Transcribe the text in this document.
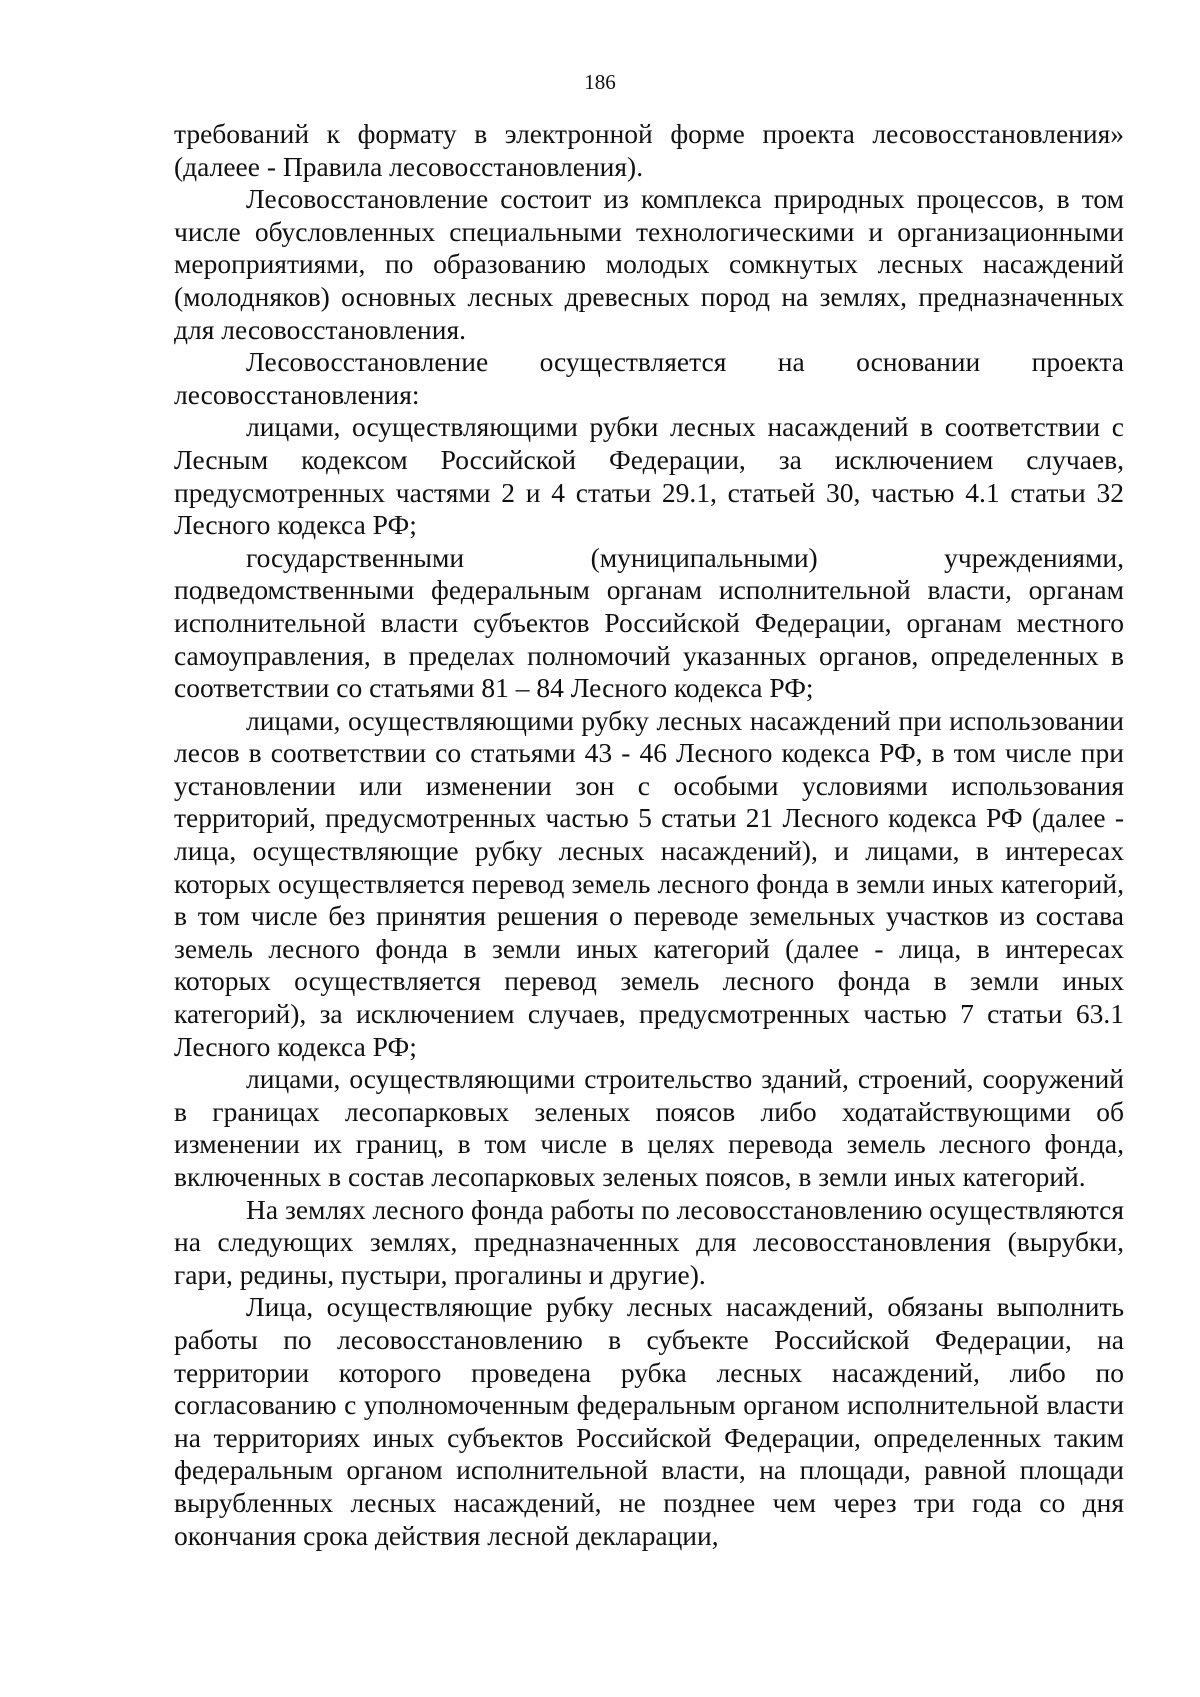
186

требований к формату в электронной форме проекта лесовосстановления» (далеее - Правила лесовосстановления).

Лесовосстановление состоит из комплекса природных процессов, в том числе обусловленных специальными технологическими и организационными мероприятиями, по образованию молодых сомкнутых лесных насаждений (молодняков) основных лесных древесных пород на землях, предназначенных для лесовосстановления.

Лесовосстановление осуществляется на основании проекта лесовосстановления:

лицами, осуществляющими рубки лесных насаждений в соответствии с Лесным кодексом Российской Федерации, за исключением случаев, предусмотренных частями 2 и 4 статьи 29.1, статьей 30, частью 4.1 статьи 32 Лесного кодекса РФ;

государственными (муниципальными) учреждениями, подведомственными федеральным органам исполнительной власти, органам исполнительной власти субъектов Российской Федерации, органам местного самоуправления, в пределах полномочий указанных органов, определенных в соответствии со статьями 81 – 84 Лесного кодекса РФ;

лицами, осуществляющими рубку лесных насаждений при использовании лесов в соответствии со статьями 43 - 46 Лесного кодекса РФ, в том числе при установлении или изменении зон с особыми условиями использования территорий, предусмотренных частью 5 статьи 21 Лесного кодекса РФ (далее - лица, осуществляющие рубку лесных насаждений), и лицами, в интересах которых осуществляется перевод земель лесного фонда в земли иных категорий, в том числе без принятия решения о переводе земельных участков из состава земель лесного фонда в земли иных категорий (далее - лица, в интересах которых осуществляется перевод земель лесного фонда в земли иных категорий), за исключением случаев, предусмотренных частью 7 статьи 63.1 Лесного кодекса РФ;

лицами, осуществляющими строительство зданий, строений, сооружений в границах лесопарковых зеленых поясов либо ходатайствующими об изменении их границ, в том числе в целях перевода земель лесного фонда, включенных в состав лесопарковых зеленых поясов, в земли иных категорий.

На землях лесного фонда работы по лесовосстановлению осуществляются на следующих землях, предназначенных для лесовосстановления (вырубки, гари, редины, пустыри, прогалины и другие).

Лица, осуществляющие рубку лесных насаждений, обязаны выполнить работы по лесовосстановлению в субъекте Российской Федерации, на территории которого проведена рубка лесных насаждений, либо по согласованию с уполномоченным федеральным органом исполнительной власти на территориях иных субъектов Российской Федерации, определенных таким федеральным органом исполнительной власти, на площади, равной площади вырубленных лесных насаждений, не позднее чем через три года со дня окончания срока действия лесной декларации,
